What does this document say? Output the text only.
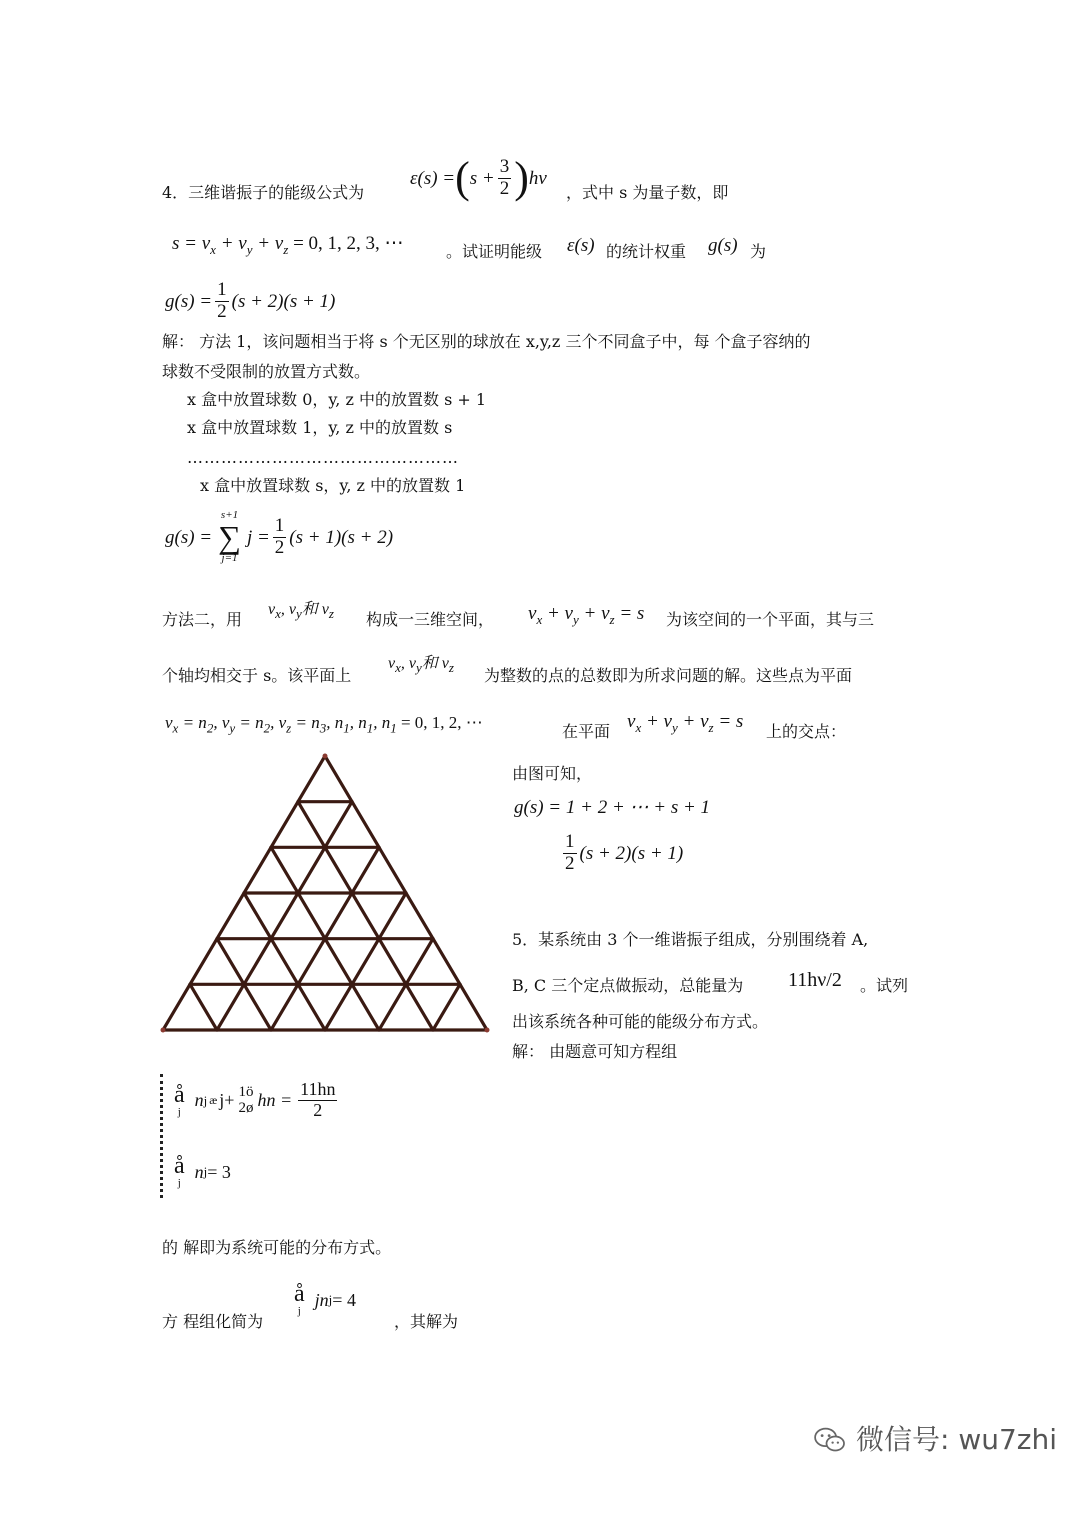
4．三维谐振子的能级公式为
ε(s) = ( $s + \frac{3}{2}$ ) hν
，式中 s 为量子数，即
$s = v_x + v_y + v_z = 0$, 1, 2, 3, ⋯	。试证明能级 ε(s) 的统计权重 g(s) 为
$g(s) = \frac{1}{2} (s + 2)(s + 1)$
解： 方法 1，该问题相当于将 s 个无区别的球放在 x,y,z 三个不同盒子中，每 个盒子容纳的
球数不受限制的放置方式数。
x 盒中放置球数 0，y, z 中的放置数 s + 1
x 盒中放置球数 1，y, z 中的放置数 s
…………………………………………
x 盒中放置球数 s，y, z 中的放置数 1
g(s) =
s+1
∑
j=1
$j = \frac{1}{2} (s + 1)(s + 2)$
方法二，用
$v_x$, $v_y$和 $v_z$ 构成一三维空间， $v_x + v_y + v_z = s$ 为该空间的一个平面，其与三
个轴均相交于 s。该平面上
$v_x$, $v_y$和 $v_z$ 为整数的点的总数即为所求问题的解。这些点为平面
$v_x = n_2$, $v_y = n_2$, $v_z = n_3$, $n_1$, $n_1$, $n_1 = 0$, 1, 2, ⋯	在平面 $v_x + v_y + v_z = s$ 上的交点：
由图可知，
g(s) = 1 + 2 + ⋯ + s + 1
$\frac{1}{2} (s + 2)(s + 1)$
5．某系统由 3 个一维谐振子组成，分别围绕着 A,
B, C 三个定点做振动，总能量为 11hν/2 。试列
出该系统各种可能的能级分布方式。
解： 由题意可知方程组
å
j
n j æ j+ 1ö
2ø hn = $\frac{11hn}{2}$
å
j
n j = 3
的 解即为系统可能的分布方式。
方 程组化简为
å
j
jn j = 4
，其解为
微信号: wu7zhi
